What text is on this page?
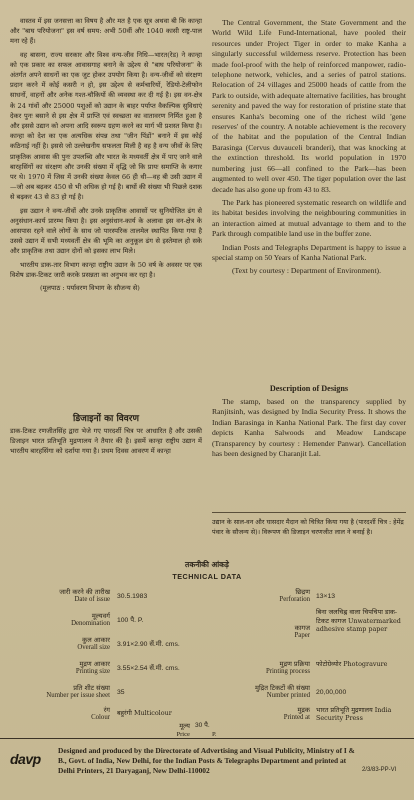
वास्तव में इस जनसत्ता का विषय है और मत है एक सूत्र अथवा बी कि कान्हा और "बाघ परियोजना" इस वर्ष समय: अभी 50वीं और 1040 कासी राष्ट्र-पाल मना रहे हैं।

वह बासना, राज्य सरकार और विश्व वन्य-जीव निधि—भारत(रेड) ने कान्हा को एक प्रकार का सफल आवासगाह बनाने के उद्देश्य से "बाघ परियोजना" के अंतर्गत अपने साधनों का एक जुट होकर उपयोग किया है। वन्य-जीवों को संरक्षण प्रदान करने में कोई कसरी न हो, इस उद्देश्य से कर्मचारियों, रेडियो-टेलीफोन साधनों, वाहनों और अनेक गश्त-चौकियों की व्यवस्था कर दी गई है। इस वन-क्षेत्र के 24 गांवों और 25000 पशुओं को उद्यान के बाहर पर्याप्त वैकल्पिक सुविधाएं देकर पुनः बसाने से इस क्षेत्र में प्राप्ति एवं स्वच्छता का वातावरण निर्मित हुआ है और इससे उद्यान को अपना आदि स्वरूप ग्रहण करने का मार्ग भी प्रशस्त किया है। कान्हा को देश का एक अत्यधिक संपन्न तथा "जीन पिंडों" बनाने में इस कोई कठिनाई नहीं है। इससे जो उल्लेखनीय सफलता मिली है वह है वन्य जीवों के लिए प्राकृतिक आवास की पुनः उपलब्धि और भारत के मध्यवर्ती क्षेत्र में पाए जाने वाले बारहसिंगों का संरक्षण और उनकी संख्या में वृद्धि जो कि प्रायः समाप्ति के कगार पर थे। 1970 में जिस में उनकी संख्या केवल 66 ही थी—वह बी उसी उद्यान में—जो अब बढ़कर 450 से भी अधिक हो गई है। बाघों की संख्या भी पिछले दशक से बढ़कर 43 से 83 हो गई है।

इस उद्यान ने वन्य-जीवों और उनके प्राकृतिक आवासों पर सुनियोजित ढंग से अनुसंधान-कार्य प्रारम्भ किया है। इस अनुसंधान-कार्य के अलावा इस वन-क्षेत्र के आसपास रहने वाले लोगों के साथ जो पारस्परिक तालमेल स्थापित किया गया है उससे उद्यान में सभी मध्यवर्ती क्षेत्र की भूमि का अनुकूल ढंग से इस्तेमाल हो सके और प्राकृतिक तथा उद्यान दोनों को इसका लाभ मिले।

भारतीय डाक-तार विभाग कान्हा राष्ट्रीय उद्यान के 50 वर्ष के अवसर पर एक विशेष डाक-टिकट जारी करके प्रसन्नता का अनुभव कर रहा है।

(मूलपाठ : पर्यावरण विभाग के सौजन्य से)

डिजाइनों का विवरण
डाक-टिकट रणजीतसिंह द्वारा भेजे गए पारदर्शी चित्र पर आधारित है और उसकी डिजाइन भारत प्रतिभूति मुद्रणालय ने तैयार की है। इसमें कान्हा राष्ट्रीय उद्यान में भारतीय बारहसिंगा को दर्शाया गया है। प्रथम दिवस आवरण में कान्हा

The Central Government, the State Government and the World Wild Life Fund-International, have pooled their resources under Project Tiger in order to make Kanha a singularly successful wilderness reserve. Protection has been made fool-proof with the help of reinforced manpower, radio-telephone network, vehicles, and a series of patrol stations. Relocation of 24 villages and 25000 heads of cattle from the Park to outside, with adequate alternative facilities, has brought serenity and paved the way for restoration of pristine state that ensures Kanha's becoming one of the richest wild 'gene reserves' of the country. A notable achievement is the recovery of the habitat and the population of the Central Indian Barasinga (Cervus duvauceli branderi), that was knocking at the extinction threshold. Its world population in 1970 numbering just 66—all confined to the Park—has been augmented to well over 450. The tiger population over the last decade has also gone up from 43 to 83.

The Park has pioneered systematic research on wildlife and its habitat besides involving the neighbouring communities in an interaction aimed at mutual advantage to them and to the Park through compatible land use in the buffer zone.

Indian Posts and Telegraphs Department is happy to issue a special stamp on 50 Years of Kanha National Park.

(Text by courtesy : Department of Environment).

Description of Designs

The stamp, based on the transparency supplied by Ranjitsinh, was designed by India Security Press. It shows the Indian Barasinga in Kanha National Park. The first day cover depicts Kanha Salwoods and Meadow Landscape (Transparency by courtesy : Hemender Panwar). Cancellation has been designed by Charanjit Lal.

उद्यान के साल-वन और घासदार मैदान को चित्रित किया गया है (पारदर्शी चित्र : हेमेंद्र पंवार के सौजन्य से)। विरूपण की डिजाइन चरणजीत लाल ने बनाई है।
तकनीकी आंकड़े
TECHNICAL DATA
जारी करने की तारीख
Date of issue 30.5.1983
मूल्यवर्ग
Denomination 100 पै. P.
कुल आकार
Overall size 3.91×2.90 सें.मी. cms.
मुद्रण आकार
Printing size 3.55×2.54 सें.मी. cms.
प्रति शीट संख्या
Number per issue sheet 35
रंग
Colour
बहुरंगी Multicolour
छिद्रण
Perforation 13×13
कागज
Paper
बिना जलचिह्न वाला चिपचिपा डाक-टिकट कागज Unwatermarked adhesive stamp paper
मुद्रण प्रक्रिया
Printing process
फोटोग्रेव्योर Photogravure
मुद्रित टिकटों की संख्या
Number printed 20,00,000
मुद्रक
Printed at
भारत प्रतिभूति मुद्रणालय India Security Press
मूल्य 30 पै.
Price	P.
davp
Designed and produced by the Directorate of Advertising and Visual Publicity, Ministry of I & B., Govt. of India, New Delhi, for the Indian Posts & Telegraphs Department and printed at Delhi Printers, 21 Daryaganj, New Delhi-110002	2/3/83-PP-VI
